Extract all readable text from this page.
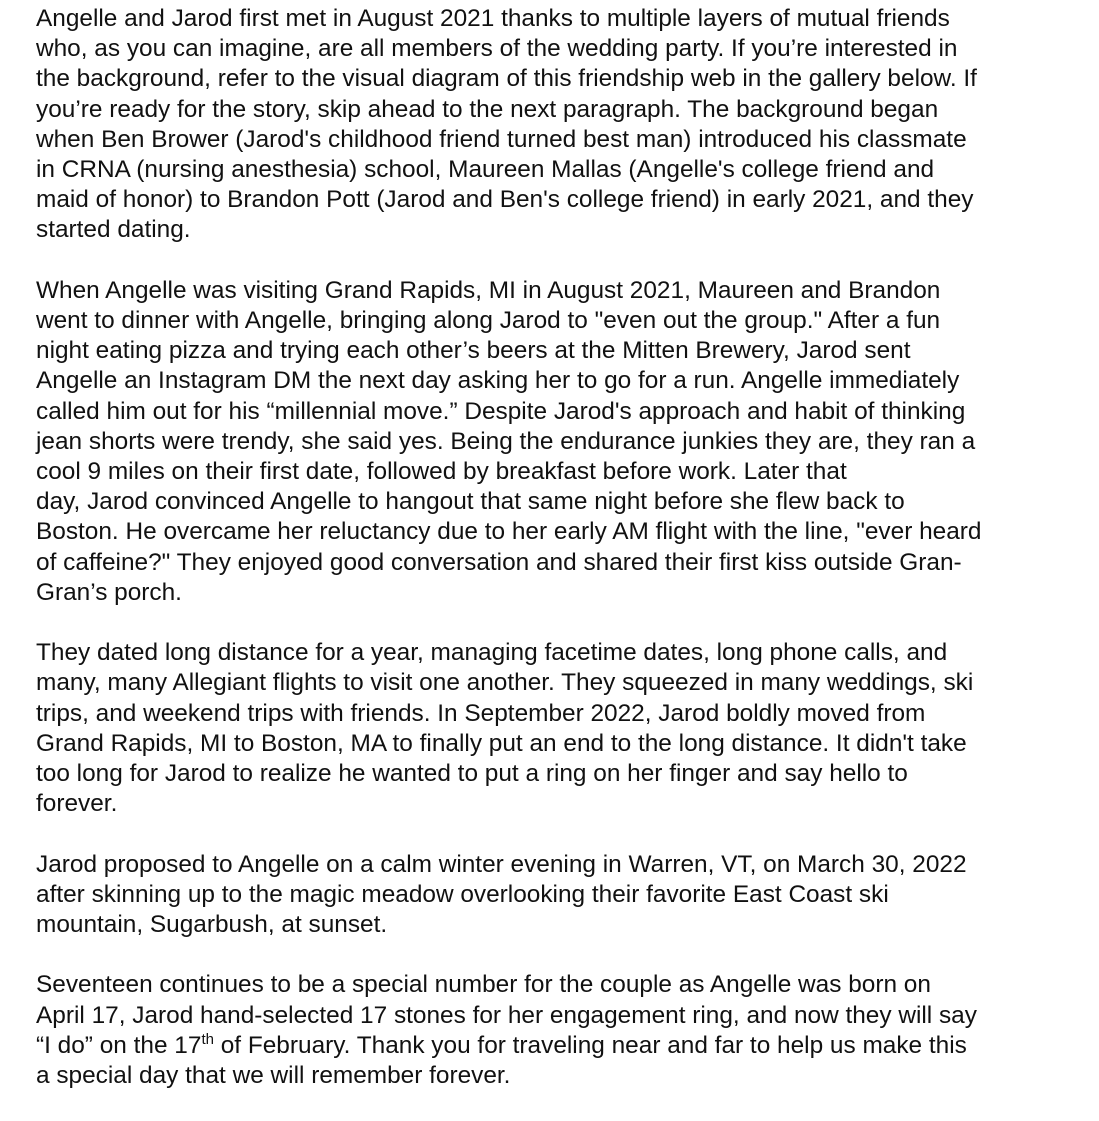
Angelle and Jarod first met in August 2021 thanks to multiple layers of mutual friends
who, as you can imagine, are all members of the wedding party. If you’re interested in
the background, refer to the visual diagram of this friendship web in the gallery below. If
you’re ready for the story, skip ahead to the next paragraph. The background began
when Ben Brower (Jarod's childhood friend turned best man) introduced his classmate
in CRNA (nursing anesthesia) school, Maureen Mallas (Angelle's college friend and
maid of honor) to Brandon Pott (Jarod and Ben's college friend) in early 2021, and they
started dating.

When Angelle was visiting Grand Rapids, MI in August 2021, Maureen and Brandon
went to dinner with Angelle, bringing along Jarod to "even out the group." After a fun
night eating pizza and trying each other’s beers at the Mitten Brewery, Jarod sent
Angelle an Instagram DM the next day asking her to go for a run. Angelle immediately
called him out for his “millennial move.” Despite Jarod's approach and habit of thinking
jean shorts were trendy, she said yes. Being the endurance junkies they are, they ran a
cool 9 miles on their first date, followed by breakfast before work. Later that
day, Jarod convinced Angelle to hangout that same night before she flew back to
Boston. He overcame her reluctancy due to her early AM flight with the line, "ever heard
of caffeine?" They enjoyed good conversation and shared their first kiss outside Gran-
Gran’s porch.

They dated long distance for a year, managing facetime dates, long phone calls, and
many, many Allegiant flights to visit one another. They squeezed in many weddings, ski
trips, and weekend trips with friends. In September 2022, Jarod boldly moved from
Grand Rapids, MI to Boston, MA to finally put an end to the long distance. It didn't take
too long for Jarod to realize he wanted to put a ring on her finger and say hello to
forever.

Jarod proposed to Angelle on a calm winter evening in Warren, VT, on March 30, 2022
after skinning up to the magic meadow overlooking their favorite East Coast ski
mountain, Sugarbush, at sunset.

Seventeen continues to be a special number for the couple as Angelle was born on
April 17, Jarod hand-selected 17 stones for her engagement ring, and now they will say
“I do” on the 17th of February. Thank you for traveling near and far to help us make this
a special day that we will remember forever.
